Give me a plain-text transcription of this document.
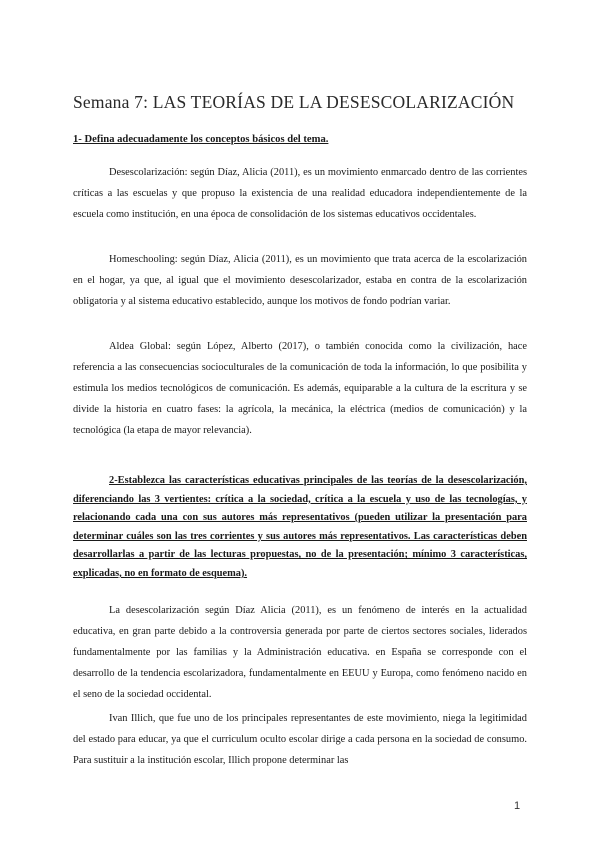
Semana 7: LAS TEORÍAS DE LA DESESCOLARIZACIÓN

1- Defina adecuadamente los conceptos básicos del tema.

Desescolarización: según Díaz, Alicia (2011), es un movimiento enmarcado dentro de las corrientes críticas a las escuelas y que propuso la existencia de una realidad educadora independientemente de la escuela como institución, en una época de consolidación de los sistemas educativos occidentales.

Homeschooling: según Díaz, Alicia (2011), es un movimiento que trata acerca de la escolarización en el hogar, ya que, al igual que el movimiento desescolarizador, estaba en contra de la escolarización obligatoria y al sistema educativo establecido, aunque los motivos de fondo podrían variar.

Aldea Global: según López, Alberto (2017), o también conocida como la civilización, hace referencia a las consecuencias socioculturales de la comunicación de toda la información, lo que posibilita y estimula los medios tecnológicos de comunicación. Es además, equiparable a la cultura de la escritura y se divide la historia en cuatro fases: la agrícola, la mecánica, la eléctrica (medios de comunicación) y la tecnológica (la etapa de mayor relevancia).

2-Establezca las características educativas principales de las teorías de la desescolarización, diferenciando las 3 vertientes: crítica a la sociedad, crítica a la escuela y uso de las tecnologías, y relacionando cada una con sus autores más representativos (pueden utilizar la presentación para determinar cuáles son las tres corrientes y sus autores más representativos. Las características deben desarrollarlas a partir de las lecturas propuestas, no de la presentación; mínimo 3 características, explicadas, no en formato de esquema).

La desescolarización según Díaz Alicia (2011), es un fenómeno de interés en la actualidad educativa, en gran parte debido a la controversia generada por parte de ciertos sectores sociales, liderados fundamentalmente por las familias y la Administración educativa. en España se corresponde con el desarrollo de la tendencia escolarizadora, fundamentalmente en EEUU y Europa, como fenómeno nacido en el seno de la sociedad occidental.

Ivan Illich, que fue uno de los principales representantes de este movimiento, niega la legitimidad del estado para educar, ya que el curriculum oculto escolar dirige a cada persona en la sociedad de consumo. Para sustituir a la institución escolar, Illich propone determinar las

1
